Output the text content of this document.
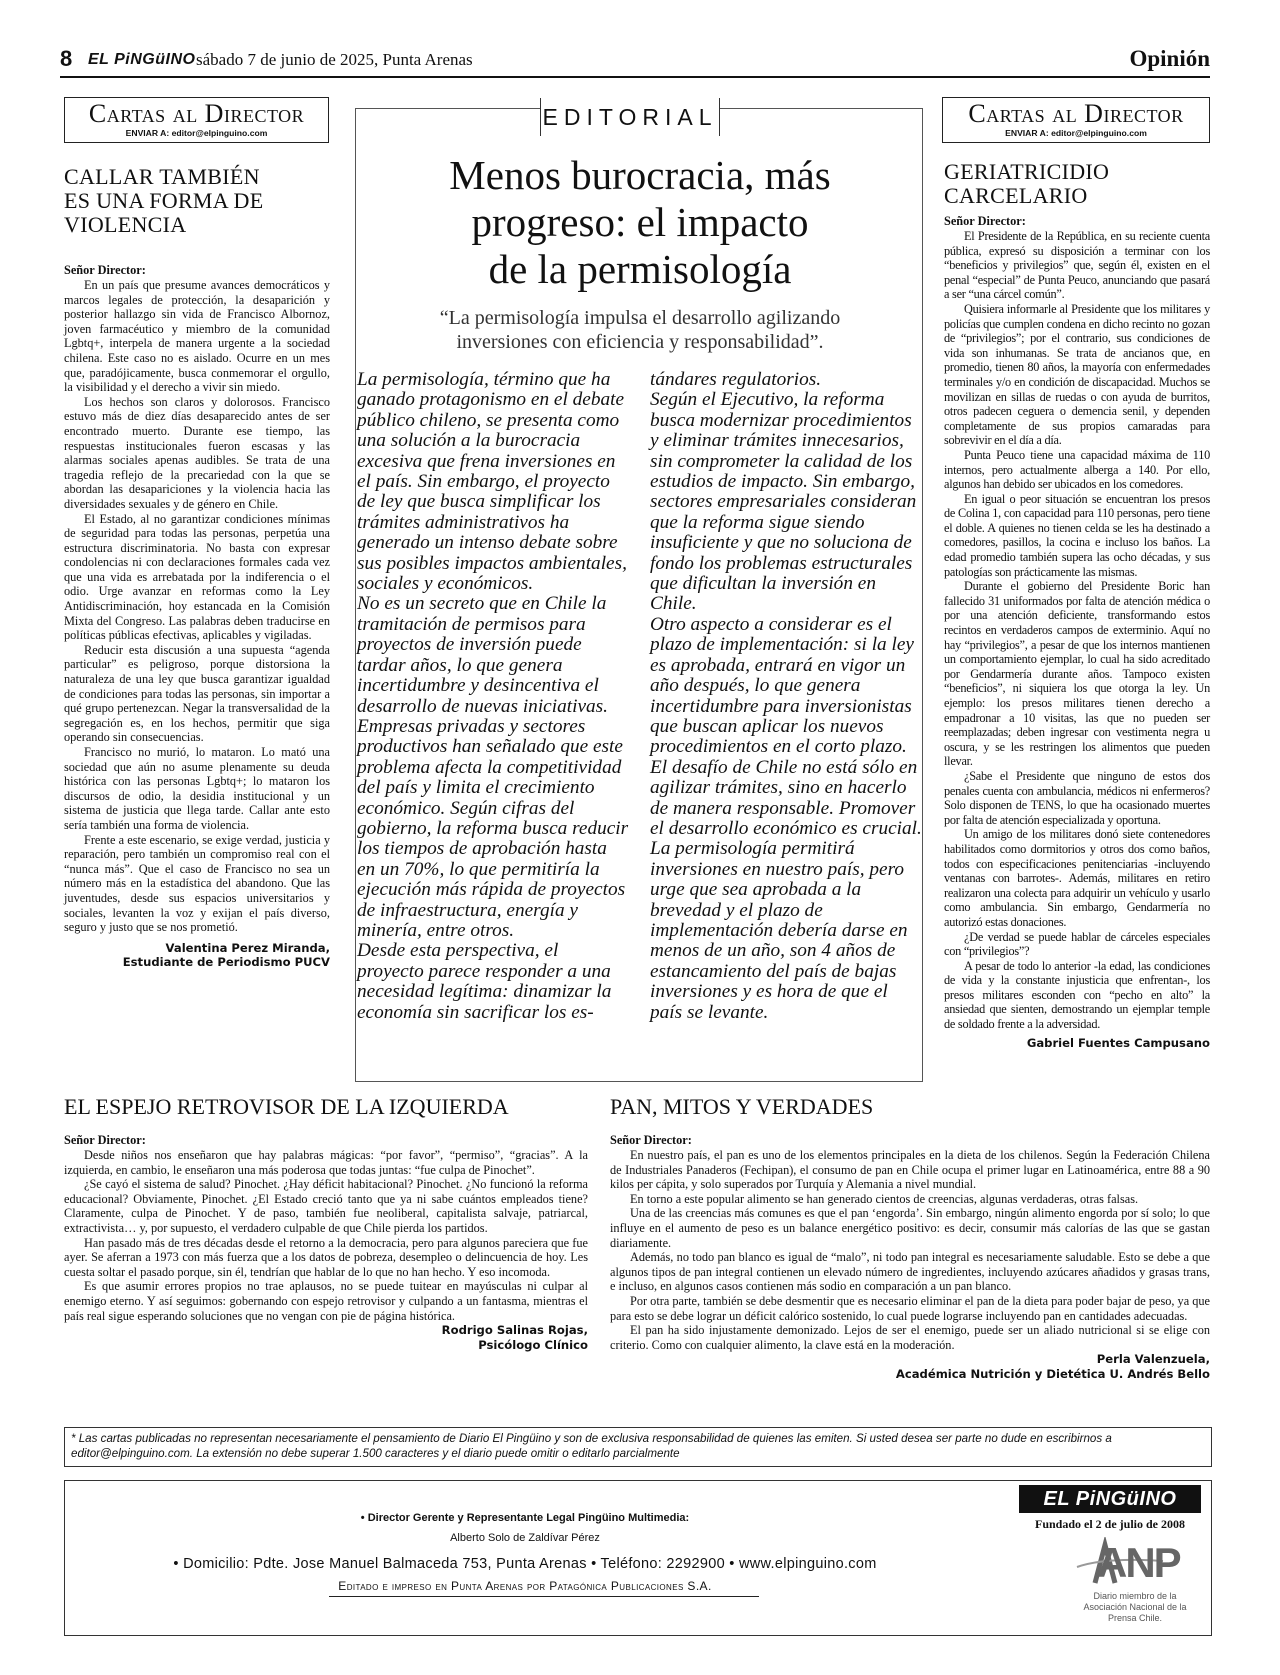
8 EL PiNGüINO sábado 7 de junio de 2025, Punta Arenas	Opinión
Cartas al Director
ENVIAR A: editor@elpinguino.com
CALLAR TAMBIÉN
ES UNA FORMA DE
VIOLENCIA
Señor Director:

En un país que presume avances democráticos y marcos legales de protección, la desaparición y posterior hallazgo sin vida de Francisco Albornoz, joven farmacéutico y miembro de la comunidad Lgbtq+, interpela de manera urgente a la sociedad chilena. Este caso no es aislado. Ocurre en un mes que, paradójicamente, busca conmemorar el orgullo, la visibilidad y el derecho a vivir sin miedo.

Los hechos son claros y dolorosos. Francisco estuvo más de diez días desaparecido antes de ser encontrado muerto. Durante ese tiempo, las respuestas institucionales fueron escasas y las alarmas sociales apenas audibles. Se trata de una tragedia reflejo de la precariedad con la que se abordan las desapariciones y la violencia hacia las diversidades sexuales y de género en Chile.

El Estado, al no garantizar condiciones mínimas de seguridad para todas las personas, perpetúa una estructura discriminatoria. No basta con expresar condolencias ni con declaraciones formales cada vez que una vida es arrebatada por la indiferencia o el odio. Urge avanzar en reformas como la Ley Antidiscriminación, hoy estancada en la Comisión Mixta del Congreso. Las palabras deben traducirse en políticas públicas efectivas, aplicables y vigiladas.

Reducir esta discusión a una supuesta “agenda particular” es peligroso, porque distorsiona la naturaleza de una ley que busca garantizar igualdad de condiciones para todas las personas, sin importar a qué grupo pertenezcan. Negar la transversalidad de la segregación es, en los hechos, permitir que siga operando sin consecuencias.

Francisco no murió, lo mataron. Lo mató una sociedad que aún no asume plenamente su deuda histórica con las personas Lgbtq+; lo mataron los discursos de odio, la desidia institucional y un sistema de justicia que llega tarde. Callar ante esto sería también una forma de violencia.

Frente a este escenario, se exige verdad, justicia y reparación, pero también un compromiso real con el “nunca más”. Que el caso de Francisco no sea un número más en la estadística del abandono. Que las juventudes, desde sus espacios universitarios y sociales, levanten la voz y exijan el país diverso, seguro y justo que se nos prometió.

Valentina Perez Miranda,
Estudiante de Periodismo PUCV
EDITORIAL
Menos burocracia, más
progreso: el impacto
de la permisología
“La permisología impulsa el desarrollo agilizando
inversiones con eficiencia y responsabilidad”.

La permisología, término que ha ganado protagonismo en el debate público chileno, se presenta como una solución a la burocracia excesiva que frena inversiones en el país. Sin embargo, el proyecto de ley que busca simplificar los trámites administrativos ha generado un intenso debate sobre sus posibles impactos ambientales, sociales y económicos.

No es un secreto que en Chile la tramitación de permisos para proyectos de inversión puede tardar años, lo que genera incertidumbre y desincentiva el desarrollo de nuevas iniciativas. Empresas privadas y sectores productivos han señalado que este problema afecta la competitividad del país y limita el crecimiento económico. Según cifras del gobierno, la reforma busca reducir los tiempos de aprobación hasta en un 70%, lo que permitiría la ejecución más rápida de proyectos de infraestructura, energía y minería, entre otros.

Desde esta perspectiva, el proyecto parece responder a una necesidad legítima: dinamizar la economía sin sacrificar los es-

tándares regulatorios.

Según el Ejecutivo, la reforma busca modernizar procedimientos y eliminar trámites innecesarios, sin comprometer la calidad de los estudios de impacto. Sin embargo, sectores empresariales consideran que la reforma sigue siendo insuficiente y que no soluciona de fondo los problemas estructurales que dificultan la inversión en Chile.

Otro aspecto a considerar es el plazo de implementación: si la ley es aprobada, entrará en vigor un año después, lo que genera incertidumbre para inversionistas que buscan aplicar los nuevos procedimientos en el corto plazo.

El desafío de Chile no está sólo en agilizar trámites, sino en hacerlo de manera responsable. Promover el desarrollo económico es crucial.

La permisología permitirá inversiones en nuestro país, pero urge que sea aprobada a la brevedad y el plazo de implementación debería darse en menos de un año, son 4 años de estancamiento del país de bajas inversiones y es hora de que el país se levante.

Cartas al Director
ENVIAR A: editor@elpinguino.com
GERIATRICIDIO
CARCELARIO
Señor Director:

El Presidente de la República, en su reciente cuenta pública, expresó su disposición a terminar con los “beneficios y privilegios” que, según él, existen en el penal “especial” de Punta Peuco, anunciando que pasará a ser “una cárcel común”.

Quisiera informarle al Presidente que los militares y policías que cumplen condena en dicho recinto no gozan de “privilegios”; por el contrario, sus condiciones de vida son inhumanas. Se trata de ancianos que, en promedio, tienen 80 años, la mayoría con enfermedades terminales y/o en condición de discapacidad. Muchos se movilizan en sillas de ruedas o con ayuda de burritos, otros padecen ceguera o demencia senil, y dependen completamente de sus propios camaradas para sobrevivir en el día a día.

Punta Peuco tiene una capacidad máxima de 110 internos, pero actualmente alberga a 140. Por ello, algunos han debido ser ubicados en los comedores.

En igual o peor situación se encuentran los presos de Colina 1, con capacidad para 110 personas, pero tiene el doble. A quienes no tienen celda se les ha destinado a comedores, pasillos, la cocina e incluso los baños. La edad promedio también supera las ocho décadas, y sus patologías son prácticamente las mismas.

Durante el gobierno del Presidente Boric han fallecido 31 uniformados por falta de atención médica o por una atención deficiente, transformando estos recintos en verdaderos campos de exterminio. Aquí no hay “privilegios”, a pesar de que los internos mantienen un comportamiento ejemplar, lo cual ha sido acreditado por Gendarmería durante años. Tampoco existen “beneficios”, ni siquiera los que otorga la ley. Un ejemplo: los presos militares tienen derecho a empadronar a 10 visitas, las que no pueden ser reemplazadas; deben ingresar con vestimenta negra u oscura, y se les restringen los alimentos que pueden llevar.

¿Sabe el Presidente que ninguno de estos dos penales cuenta con ambulancia, médicos ni enfermeros? Solo disponen de TENS, lo que ha ocasionado muertes por falta de atención especializada y oportuna.

Un amigo de los militares donó siete contenedores habilitados como dormitorios y otros dos como baños, todos con especificaciones penitenciarias -incluyendo ventanas con barrotes-. Además, militares en retiro realizaron una colecta para adquirir un vehículo y usarlo como ambulancia. Sin embargo, Gendarmería no autorizó estas donaciones.

¿De verdad se puede hablar de cárceles especiales con “privilegios”?

A pesar de todo lo anterior -la edad, las condiciones de vida y la constante injusticia que enfrentan-, los presos militares esconden con “pecho en alto” la ansiedad que sienten, demostrando un ejemplar temple de soldado frente a la adversidad.

Gabriel Fuentes Campusano
EL ESPEJO RETROVISOR DE LA IZQUIERDA
Señor Director:

Desde niños nos enseñaron que hay palabras mágicas: “por favor”, “permiso”, “gracias”. A la izquierda, en cambio, le enseñaron una más poderosa que todas juntas: “fue culpa de Pinochet”.

¿Se cayó el sistema de salud? Pinochet. ¿Hay déficit habitacional? Pinochet. ¿No funcionó la reforma educacional? Obviamente, Pinochet. ¿El Estado creció tanto que ya ni sabe cuántos empleados tiene? Claramente, culpa de Pinochet. Y de paso, también fue neoliberal, capitalista salvaje, patriarcal, extractivista… y, por supuesto, el verdadero culpable de que Chile pierda los partidos.

Han pasado más de tres décadas desde el retorno a la democracia, pero para algunos pareciera que fue ayer. Se aferran a 1973 con más fuerza que a los datos de pobreza, desempleo o delincuencia de hoy. Les cuesta soltar el pasado porque, sin él, tendrían que hablar de lo que no han hecho. Y eso incomoda.

Es que asumir errores propios no trae aplausos, no se puede tuitear en mayúsculas ni culpar al enemigo eterno. Y así seguimos: gobernando con espejo retrovisor y culpando a un fantasma, mientras el país real sigue esperando soluciones que no vengan con pie de página histórica.

Rodrigo Salinas Rojas,
Psicólogo Clínico
PAN, MITOS Y VERDADES
Señor Director:

En nuestro país, el pan es uno de los elementos principales en la dieta de los chilenos. Según la Federación Chilena de Industriales Panaderos (Fechipan), el consumo de pan en Chile ocupa el primer lugar en Latinoamérica, entre 88 a 90 kilos per cápita, y solo superados por Turquía y Alemania a nivel mundial.

En torno a este popular alimento se han generado cientos de creencias, algunas verdaderas, otras falsas.

Una de las creencias más comunes es que el pan ‘engorda’. Sin embargo, ningún alimento engorda por sí solo; lo que influye en el aumento de peso es un balance energético positivo: es decir, consumir más calorías de las que se gastan diariamente.

Además, no todo pan blanco es igual de “malo”, ni todo pan integral es necesariamente saludable. Esto se debe a que algunos tipos de pan integral contienen un elevado número de ingredientes, incluyendo azúcares añadidos y grasas trans, e incluso, en algunos casos contienen más sodio en comparación a un pan blanco.

Por otra parte, también se debe desmentir que es necesario eliminar el pan de la dieta para poder bajar de peso, ya que para esto se debe lograr un déficit calórico sostenido, lo cual puede lograrse incluyendo pan en cantidades adecuadas.

El pan ha sido injustamente demonizado. Lejos de ser el enemigo, puede ser un aliado nutricional si se elige con criterio. Como con cualquier alimento, la clave está en la moderación.

Perla Valenzuela,
Académica Nutrición y Dietética U. Andrés Bello
* Las cartas publicadas no representan necesariamente el pensamiento de Diario El Pingüino y son de exclusiva responsabilidad de quienes las emiten. Si usted desea ser parte no dude en escribirnos a editor@elpinguino.com. La extensión no debe superar 1.500 caracteres y el diario puede omitir o editarlo parcialmente
• Director Gerente y Representante Legal Pingüino Multimedia:
Alberto Solo de Zaldívar Pérez
• Domicilio: Pdte. Jose Manuel Balmaceda 753, Punta Arenas • Teléfono: 2292900 • www.elpinguino.com
Editado e impreso en Punta Arenas por Patagónica Publicaciones S.A.
EL PiNGüINO
Fundado el 2 de julio de 2008
ANP
Diario miembro de la Asociación Nacional de la Prensa Chile.
